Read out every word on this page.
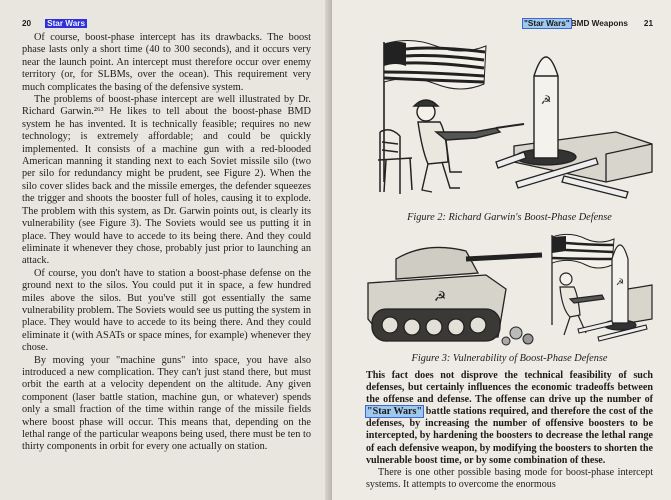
20 Star Wars

Of course, boost-phase intercept has its drawbacks. The boost phase lasts only a short time (40 to 300 seconds), and it occurs very near the launch point. An intercept must therefore occur over enemy territory (or, for SLBMs, over the ocean). This requirement very much complicates the basing of the defensive system.

The problems of boost-phase intercept are well illustrated by Dr. Richard Garwin.²⁶³ He likes to tell about the boost-phase BMD system he has invented. It is technically feasible; requires no new technology; is extremely affordable; and could be quickly implemented. It consists of a machine gun with a red-blooded American manning it standing next to each Soviet missile silo (two per silo for redundancy might be prudent, see Figure 2). When the silo cover slides back and the missile emerges, the defender squeezes the trigger and shoots the booster full of holes, causing it to explode. The problem with this system, as Dr. Garwin points out, is clearly its vulnerability (see Figure 3). The Soviets would see us putting it in place. They would have to accede to its being there. And they could eliminate it whenever they chose, probably just prior to launching an attack.

Of course, you don't have to station a boost-phase defense on the ground next to the silos. You could put it in space, a few hundred miles above the silos. But you've still got essentially the same vulnerability problem. The Soviets would see us putting the system in place. They would have to accede to its being there. And they could eliminate it (with ASATs or space mines, for example) whenever they chose.

By moving your "machine guns" into space, you have also introduced a new complication. They can't just stand there, but must orbit the earth at a velocity dependent on the altitude. Any given component (laser battle station, machine gun, or whatever) spends only a small fraction of the time within range of the missile fields where boost phase will occur. This means that, depending on the lethal range of the particular weapons being used, there must be ten to thirty components in orbit for every one actually on station.

"Star Wars"BMD Weapons 21
☭
Figure 2: Richard Garwin's Boost-Phase Defense
☭
☭
Figure 3: Vulnerability of Boost-Phase Defense

This fact does not disprove the technical feasibility of such defenses, but certainly influences the economic tradeoffs between the offense and defense. The offense can drive up the number of "Star Wars" battle stations required, and therefore the cost of the defenses, by increasing the number of offensive boosters to be intercepted, by hardening the boosters to decrease the lethal range of each defensive weapon, by modifying the boosters to shorten the vulnerable boost time, or by some combination of these.

There is one other possible basing mode for boost-phase intercept systems. It attempts to overcome the enormous
